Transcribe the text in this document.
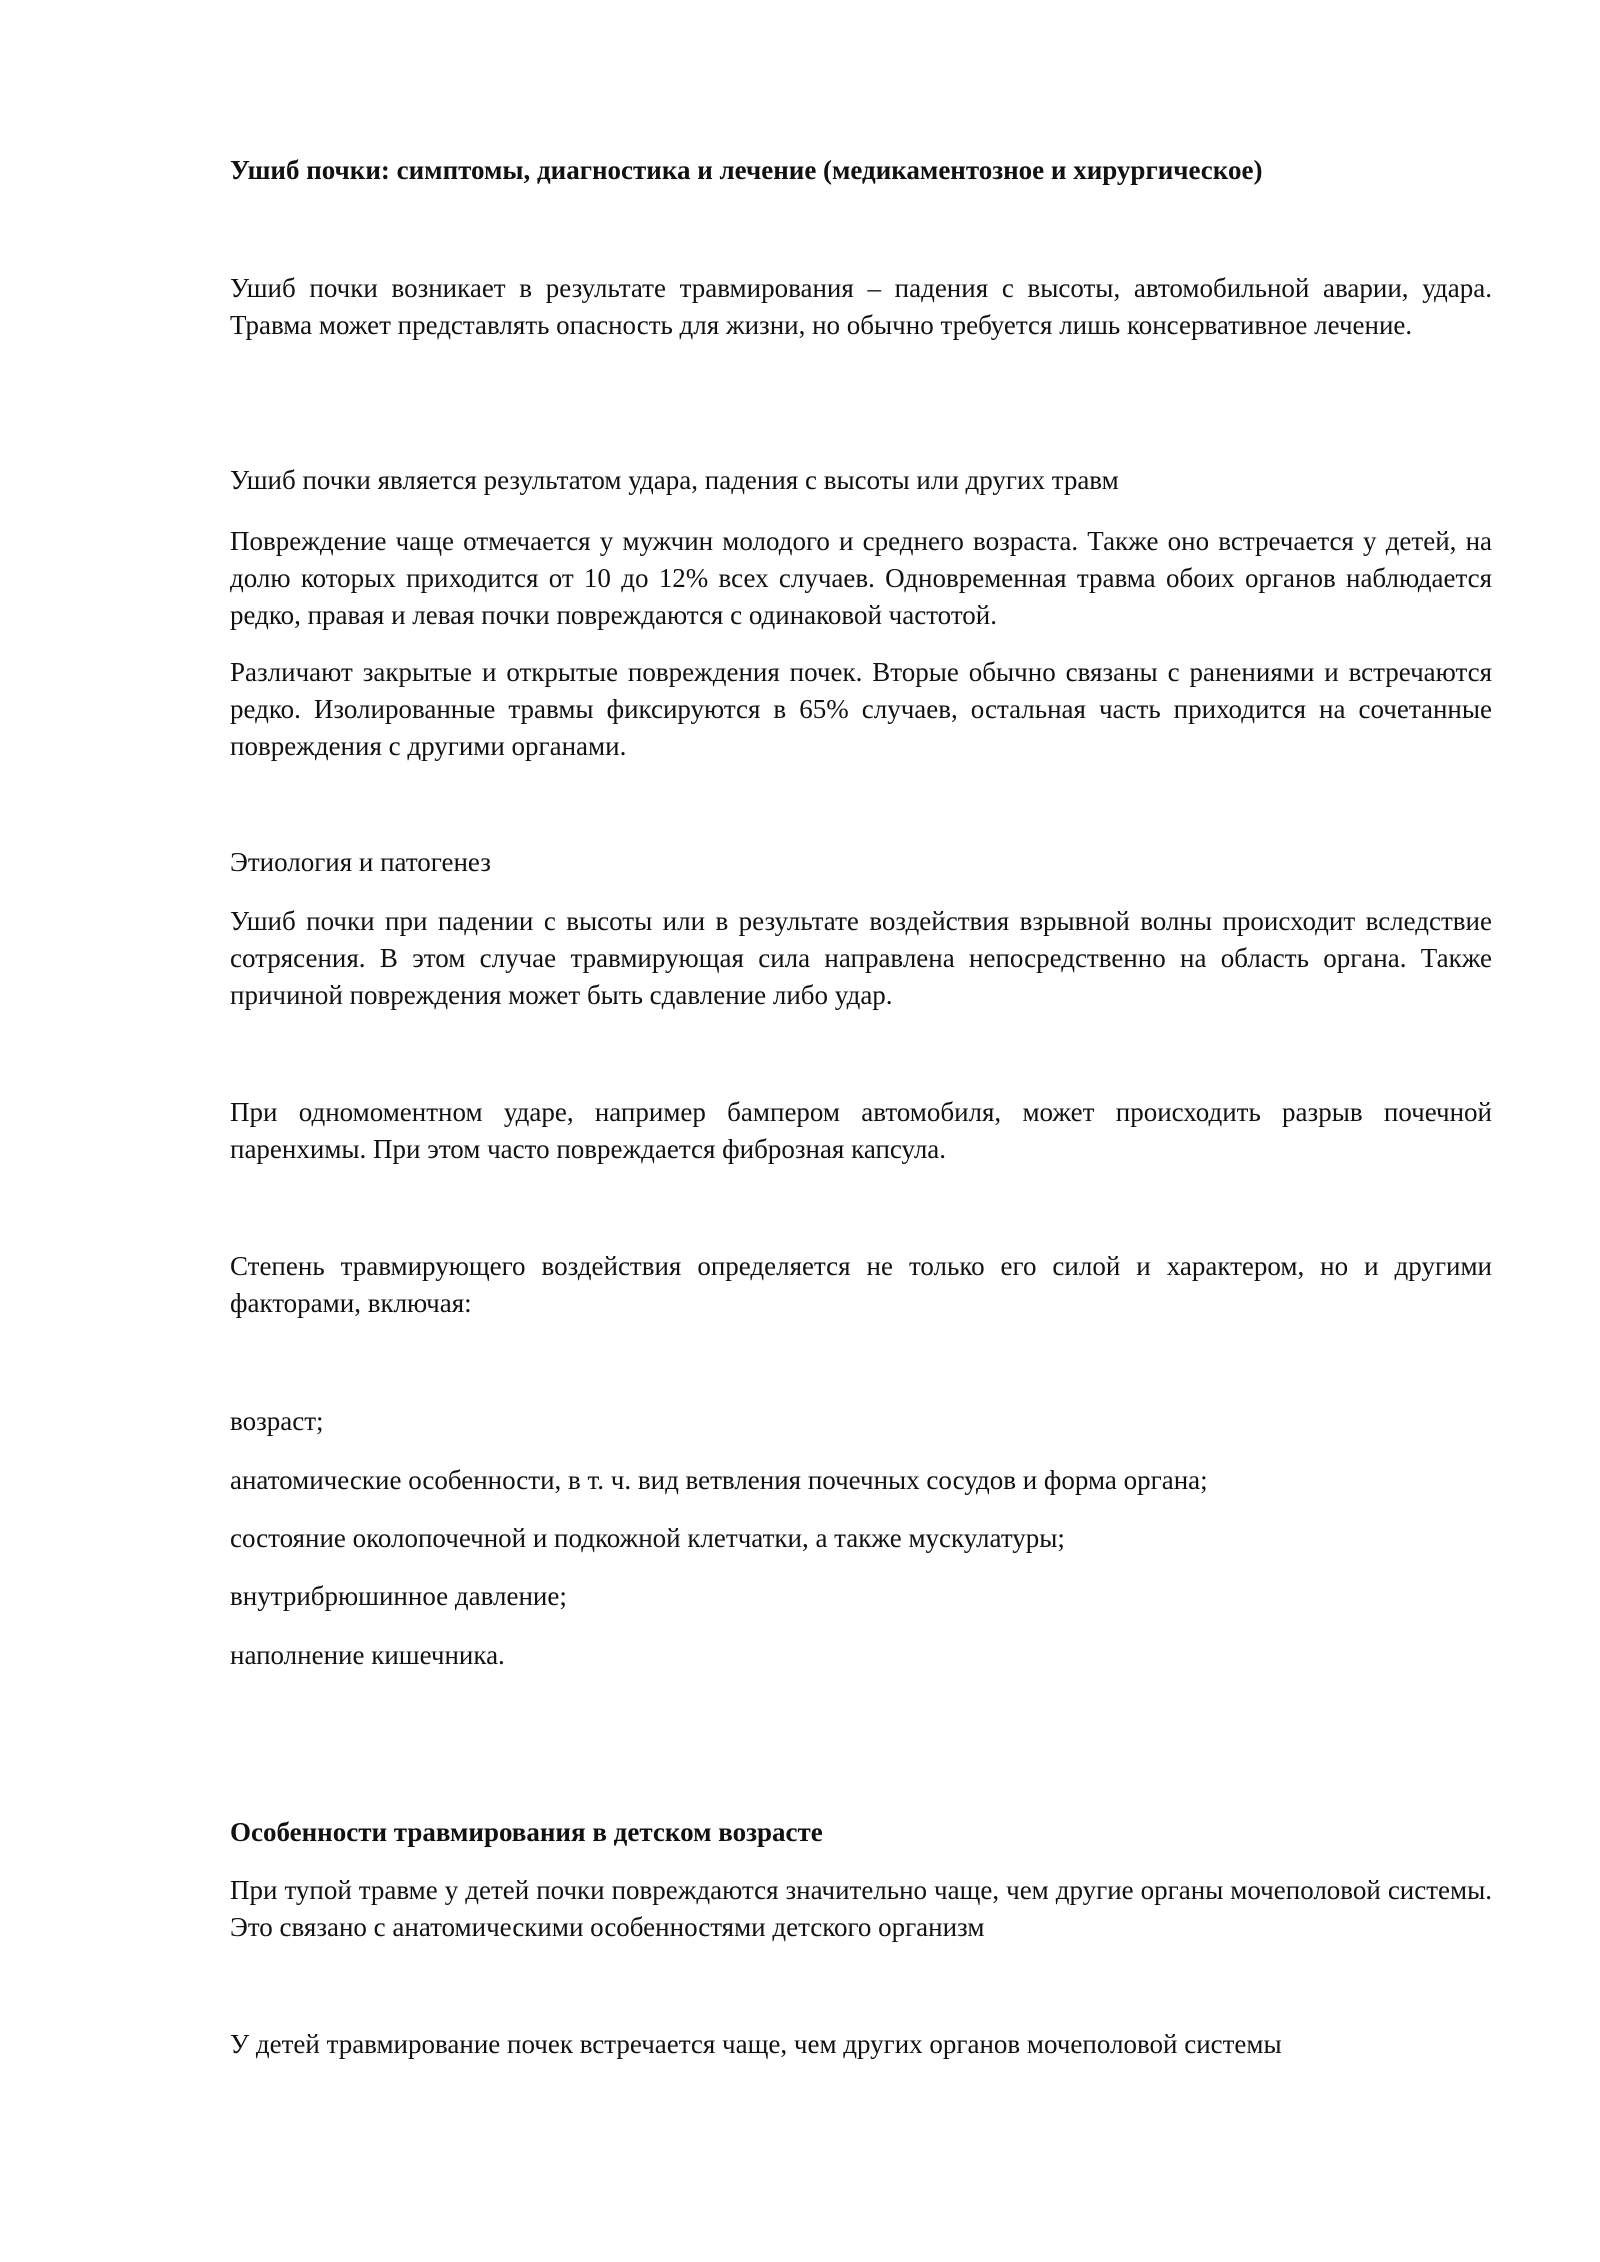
Ушиб почки: симптомы, диагностика и лечение (медикаментозное и хирургическое)

Ушиб почки возникает в результате травмирования – падения с высоты, автомобильной аварии, удара. Травма может представлять опасность для жизни, но обычно требуется лишь консервативное лечение.

Ушиб почки является результатом удара, падения с высоты или других травм

Повреждение чаще отмечается у мужчин молодого и среднего возраста. Также оно встречается у детей, на долю которых приходится от 10 до 12% всех случаев. Одновременная травма обоих органов наблюдается редко, правая и левая почки повреждаются с одинаковой частотой.

Различают закрытые и открытые повреждения почек. Вторые обычно связаны с ранениями и встречаются редко. Изолированные травмы фиксируются в 65% случаев, остальная часть приходится на сочетанные повреждения с другими органами.

Этиология и патогенез

Ушиб почки при падении с высоты или в результате воздействия взрывной волны происходит вследствие сотрясения. В этом случае травмирующая сила направлена непосредственно на область органа. Также причиной повреждения может быть сдавление либо удар.

При одномоментном ударе, например бампером автомобиля, может происходить разрыв почечной паренхимы. При этом часто повреждается фиброзная капсула.

Степень травмирующего воздействия определяется не только его силой и характером, но и другими факторами, включая:

возраст;

анатомические особенности, в т. ч. вид ветвления почечных сосудов и форма органа;

состояние околопочечной и подкожной клетчатки, а также мускулатуры;

внутрибрюшинное давление;

наполнение кишечника.

Особенности травмирования в детском возрасте

При тупой травме у детей почки повреждаются значительно чаще, чем другие органы мочеполовой системы. Это связано с анатомическими особенностями детского организм

У детей травмирование почек встречается чаще, чем других органов мочеполовой системы
